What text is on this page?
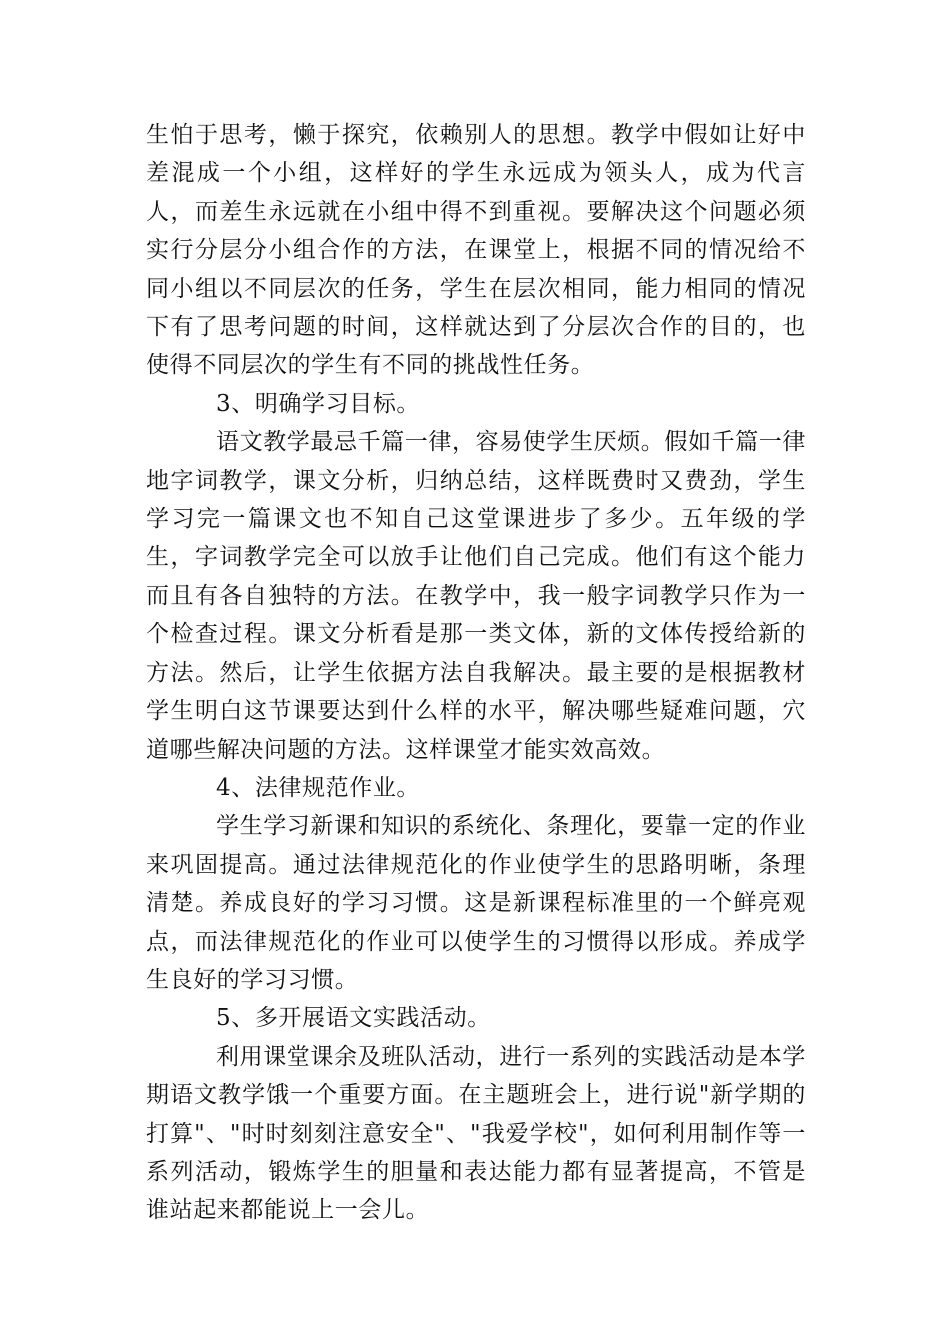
生怕于思考，懒于探究，依赖别人的思想。教学中假如让好中差混成一个小组，这样好的学生永远成为领头人，成为代言人，而差生永远就在小组中得不到重视。要解决这个问题必须实行分层分小组合作的方法，在课堂上，根据不同的情况给不同小组以不同层次的任务，学生在层次相同，能力相同的情况下有了思考问题的时间，这样就达到了分层次合作的目的，也使得不同层次的学生有不同的挑战性任务。

3、明确学习目标。

语文教学最忌千篇一律，容易使学生厌烦。假如千篇一律地字词教学，课文分析，归纳总结，这样既费时又费劲，学生学习完一篇课文也不知自己这堂课进步了多少。五年级的学生，字词教学完全可以放手让他们自己完成。他们有这个能力而且有各自独特的方法。在教学中，我一般字词教学只作为一个检查过程。课文分析看是那一类文体，新的文体传授给新的方法。然后，让学生依据方法自我解决。最主要的是根据教材学生明白这节课要达到什么样的水平，解决哪些疑难问题，穴道哪些解决问题的方法。这样课堂才能实效高效。

4、法律规范作业。

学生学习新课和知识的系统化、条理化，要靠一定的作业来巩固提高。通过法律规范化的作业使学生的思路明晰，条理清楚。养成良好的学习习惯。这是新课程标准里的一个鲜亮观点，而法律规范化的作业可以使学生的习惯得以形成。养成学生良好的学习习惯。

5、多开展语文实践活动。

利用课堂课余及班队活动，进行一系列的实践活动是本学期语文教学饿一个重要方面。在主题班会上，进行说"新学期的打算"、"时时刻刻注意安全"、"我爱学校"，如何利用制作等一系列活动，锻炼学生的胆量和表达能力都有显著提高，不管是谁站起来都能说上一会儿。
